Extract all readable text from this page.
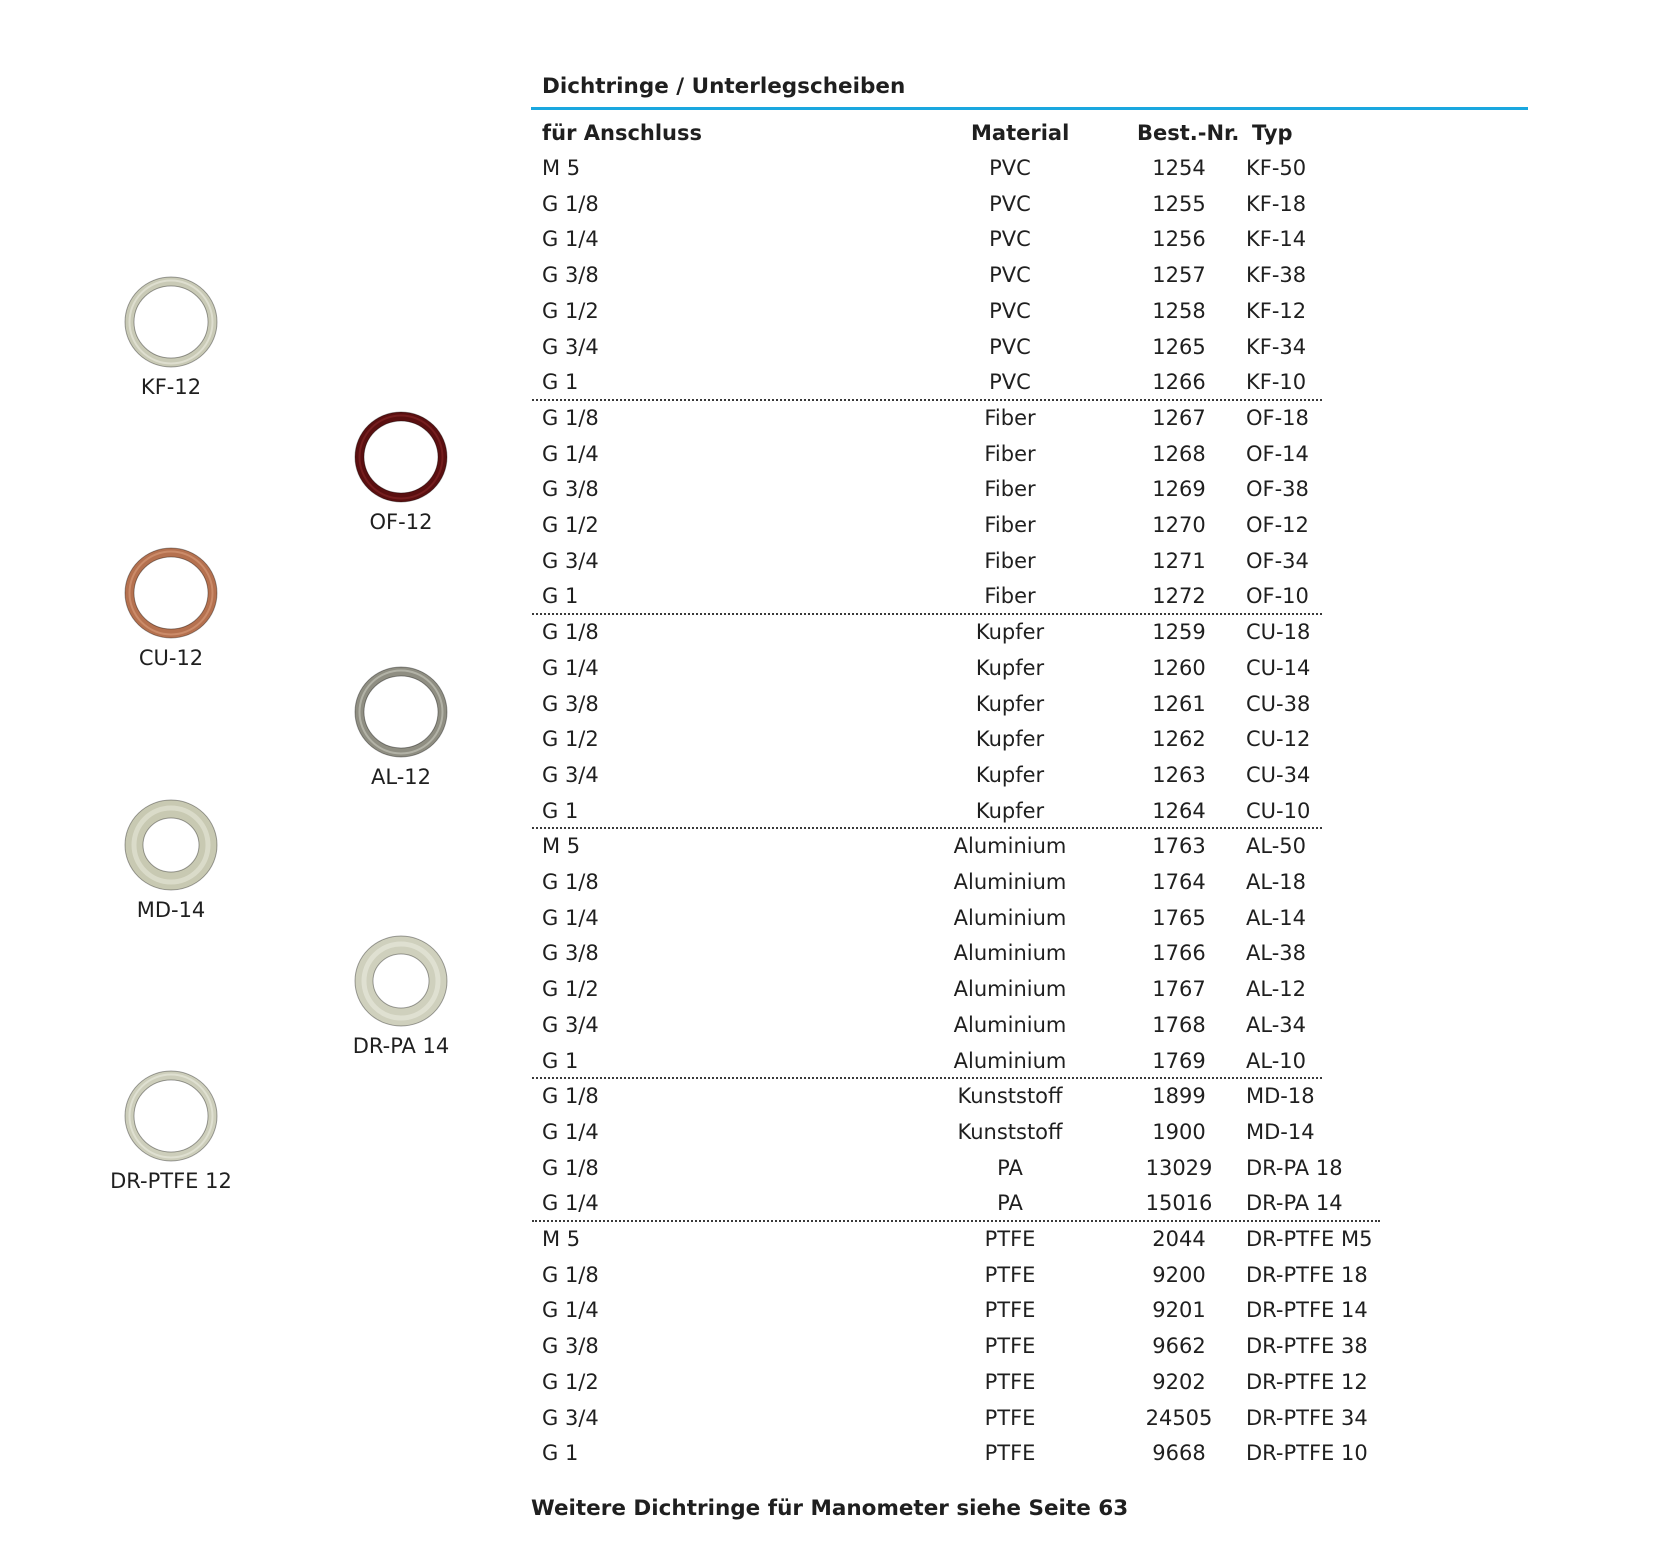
Dichtringe / Unterlegscheiben
für Anschluss	Material	Best.-Nr. Typ
M 5	PVC	1254 KF-50
G 1/8	PVC	1255 KF-18
G 1/4	PVC	1256 KF-14
G 3/8	PVC	1257 KF-38
G 1/2	PVC	1258 KF-12
G 3/4	PVC	1265 KF-34
G 1	PVC	1266 KF-10
G 1/8	Fiber	1267 OF-18
G 1/4	Fiber	1268 OF-14
G 3/8	Fiber	1269 OF-38
G 1/2	Fiber	1270 OF-12
G 3/4	Fiber	1271 OF-34
G 1	Fiber	1272 OF-10
G 1/8	Kupfer	1259 CU-18
G 1/4	Kupfer	1260 CU-14
G 3/8	Kupfer	1261 CU-38
G 1/2	Kupfer	1262 CU-12
G 3/4	Kupfer	1263 CU-34
G 1	Kupfer	1264 CU-10
M 5	Aluminium	1763 AL-50
G 1/8	Aluminium	1764 AL-18
G 1/4	Aluminium	1765 AL-14
G 3/8	Aluminium	1766 AL-38
G 1/2	Aluminium	1767 AL-12
G 3/4	Aluminium	1768 AL-34
G 1	Aluminium	1769 AL-10
G 1/8	Kunststoff	1899 MD-18
G 1/4	Kunststoff	1900 MD-14
G 1/8	PA	13029 DR-PA 18
G 1/4	PA	15016 DR-PA 14
M 5	PTFE	2044 DR-PTFE M5
G 1/8	PTFE	9200 DR-PTFE 18
G 1/4	PTFE	9201 DR-PTFE 14
G 3/8	PTFE	9662 DR-PTFE 38
G 1/2	PTFE	9202 DR-PTFE 12
G 3/4	PTFE	24505 DR-PTFE 34
G 1	PTFE	9668 DR-PTFE 10
KF-12
OF-12
CU-12
AL-12
MD-14
DR-PA 14
DR-PTFE 12
Weitere Dichtringe für Manometer siehe Seite 63
